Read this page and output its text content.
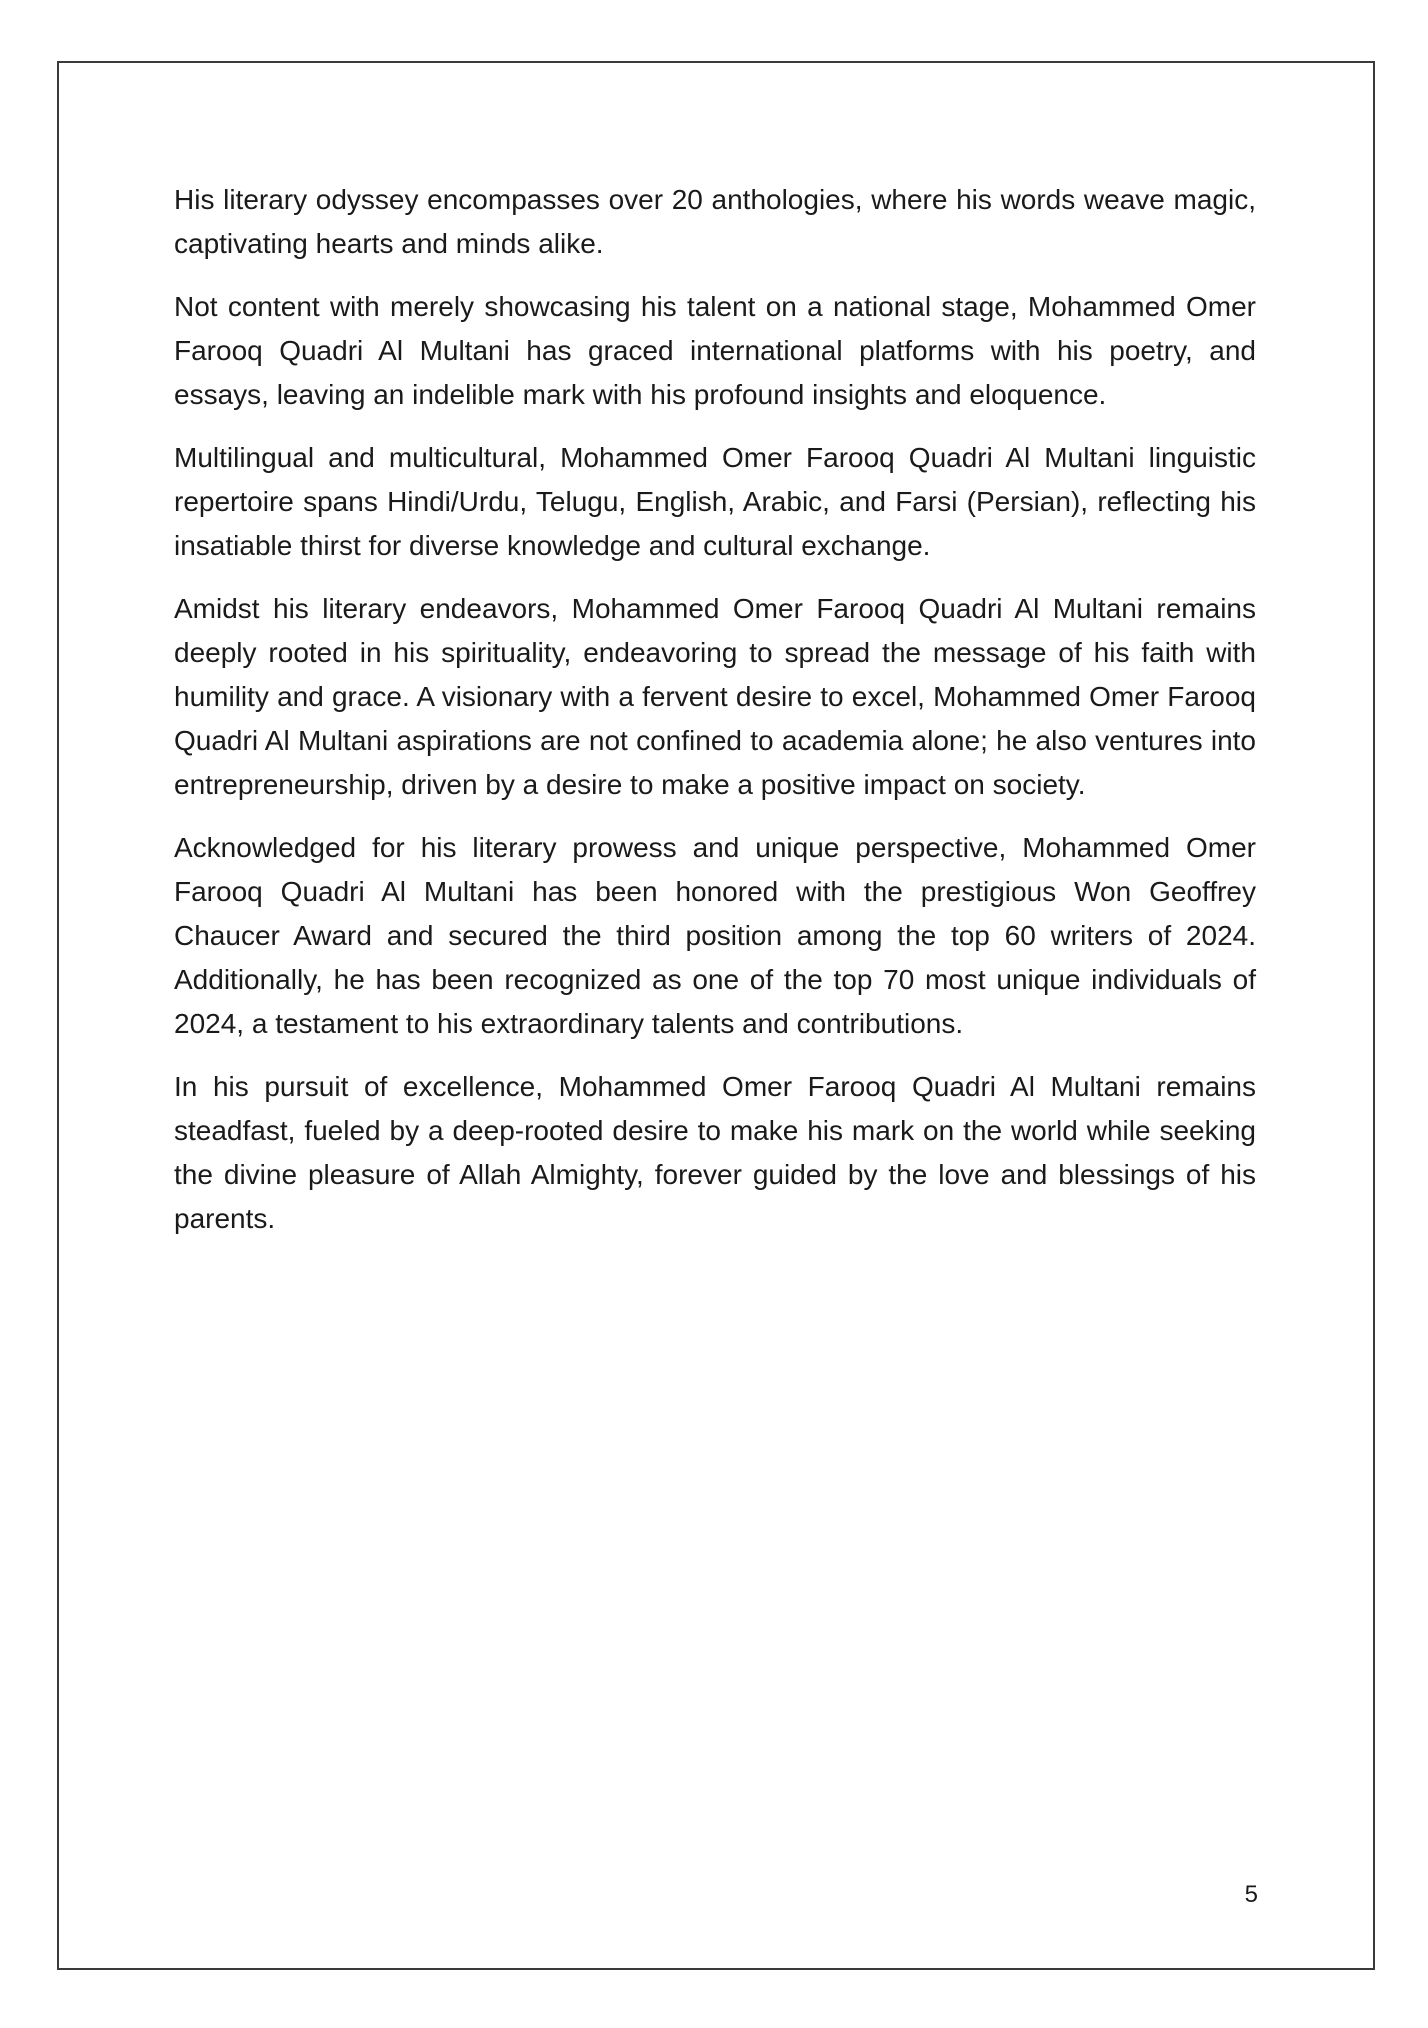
His literary odyssey encompasses over 20 anthologies, where his words weave magic, captivating hearts and minds alike.

Not content with merely showcasing his talent on a national stage, Mohammed Omer Farooq Quadri Al Multani has graced international platforms with his poetry, and essays, leaving an indelible mark with his profound insights and eloquence.

Multilingual and multicultural, Mohammed Omer Farooq Quadri Al Multani linguistic repertoire spans Hindi/Urdu, Telugu, English, Arabic, and Farsi (Persian), reflecting his insatiable thirst for diverse knowledge and cultural exchange.

Amidst his literary endeavors, Mohammed Omer Farooq Quadri Al Multani remains deeply rooted in his spirituality, endeavoring to spread the message of his faith with humility and grace. A visionary with a fervent desire to excel, Mohammed Omer Farooq Quadri Al Multani aspirations are not confined to academia alone; he also ventures into entrepreneurship, driven by a desire to make a positive impact on society.

Acknowledged for his literary prowess and unique perspective, Mohammed Omer Farooq Quadri Al Multani has been honored with the prestigious Won Geoffrey Chaucer Award and secured the third position among the top 60 writers of 2024. Additionally, he has been recognized as one of the top 70 most unique individuals of 2024, a testament to his extraordinary talents and contributions.

In his pursuit of excellence, Mohammed Omer Farooq Quadri Al Multani remains steadfast, fueled by a deep-rooted desire to make his mark on the world while seeking the divine pleasure of Allah Almighty, forever guided by the love and blessings of his parents.

5
